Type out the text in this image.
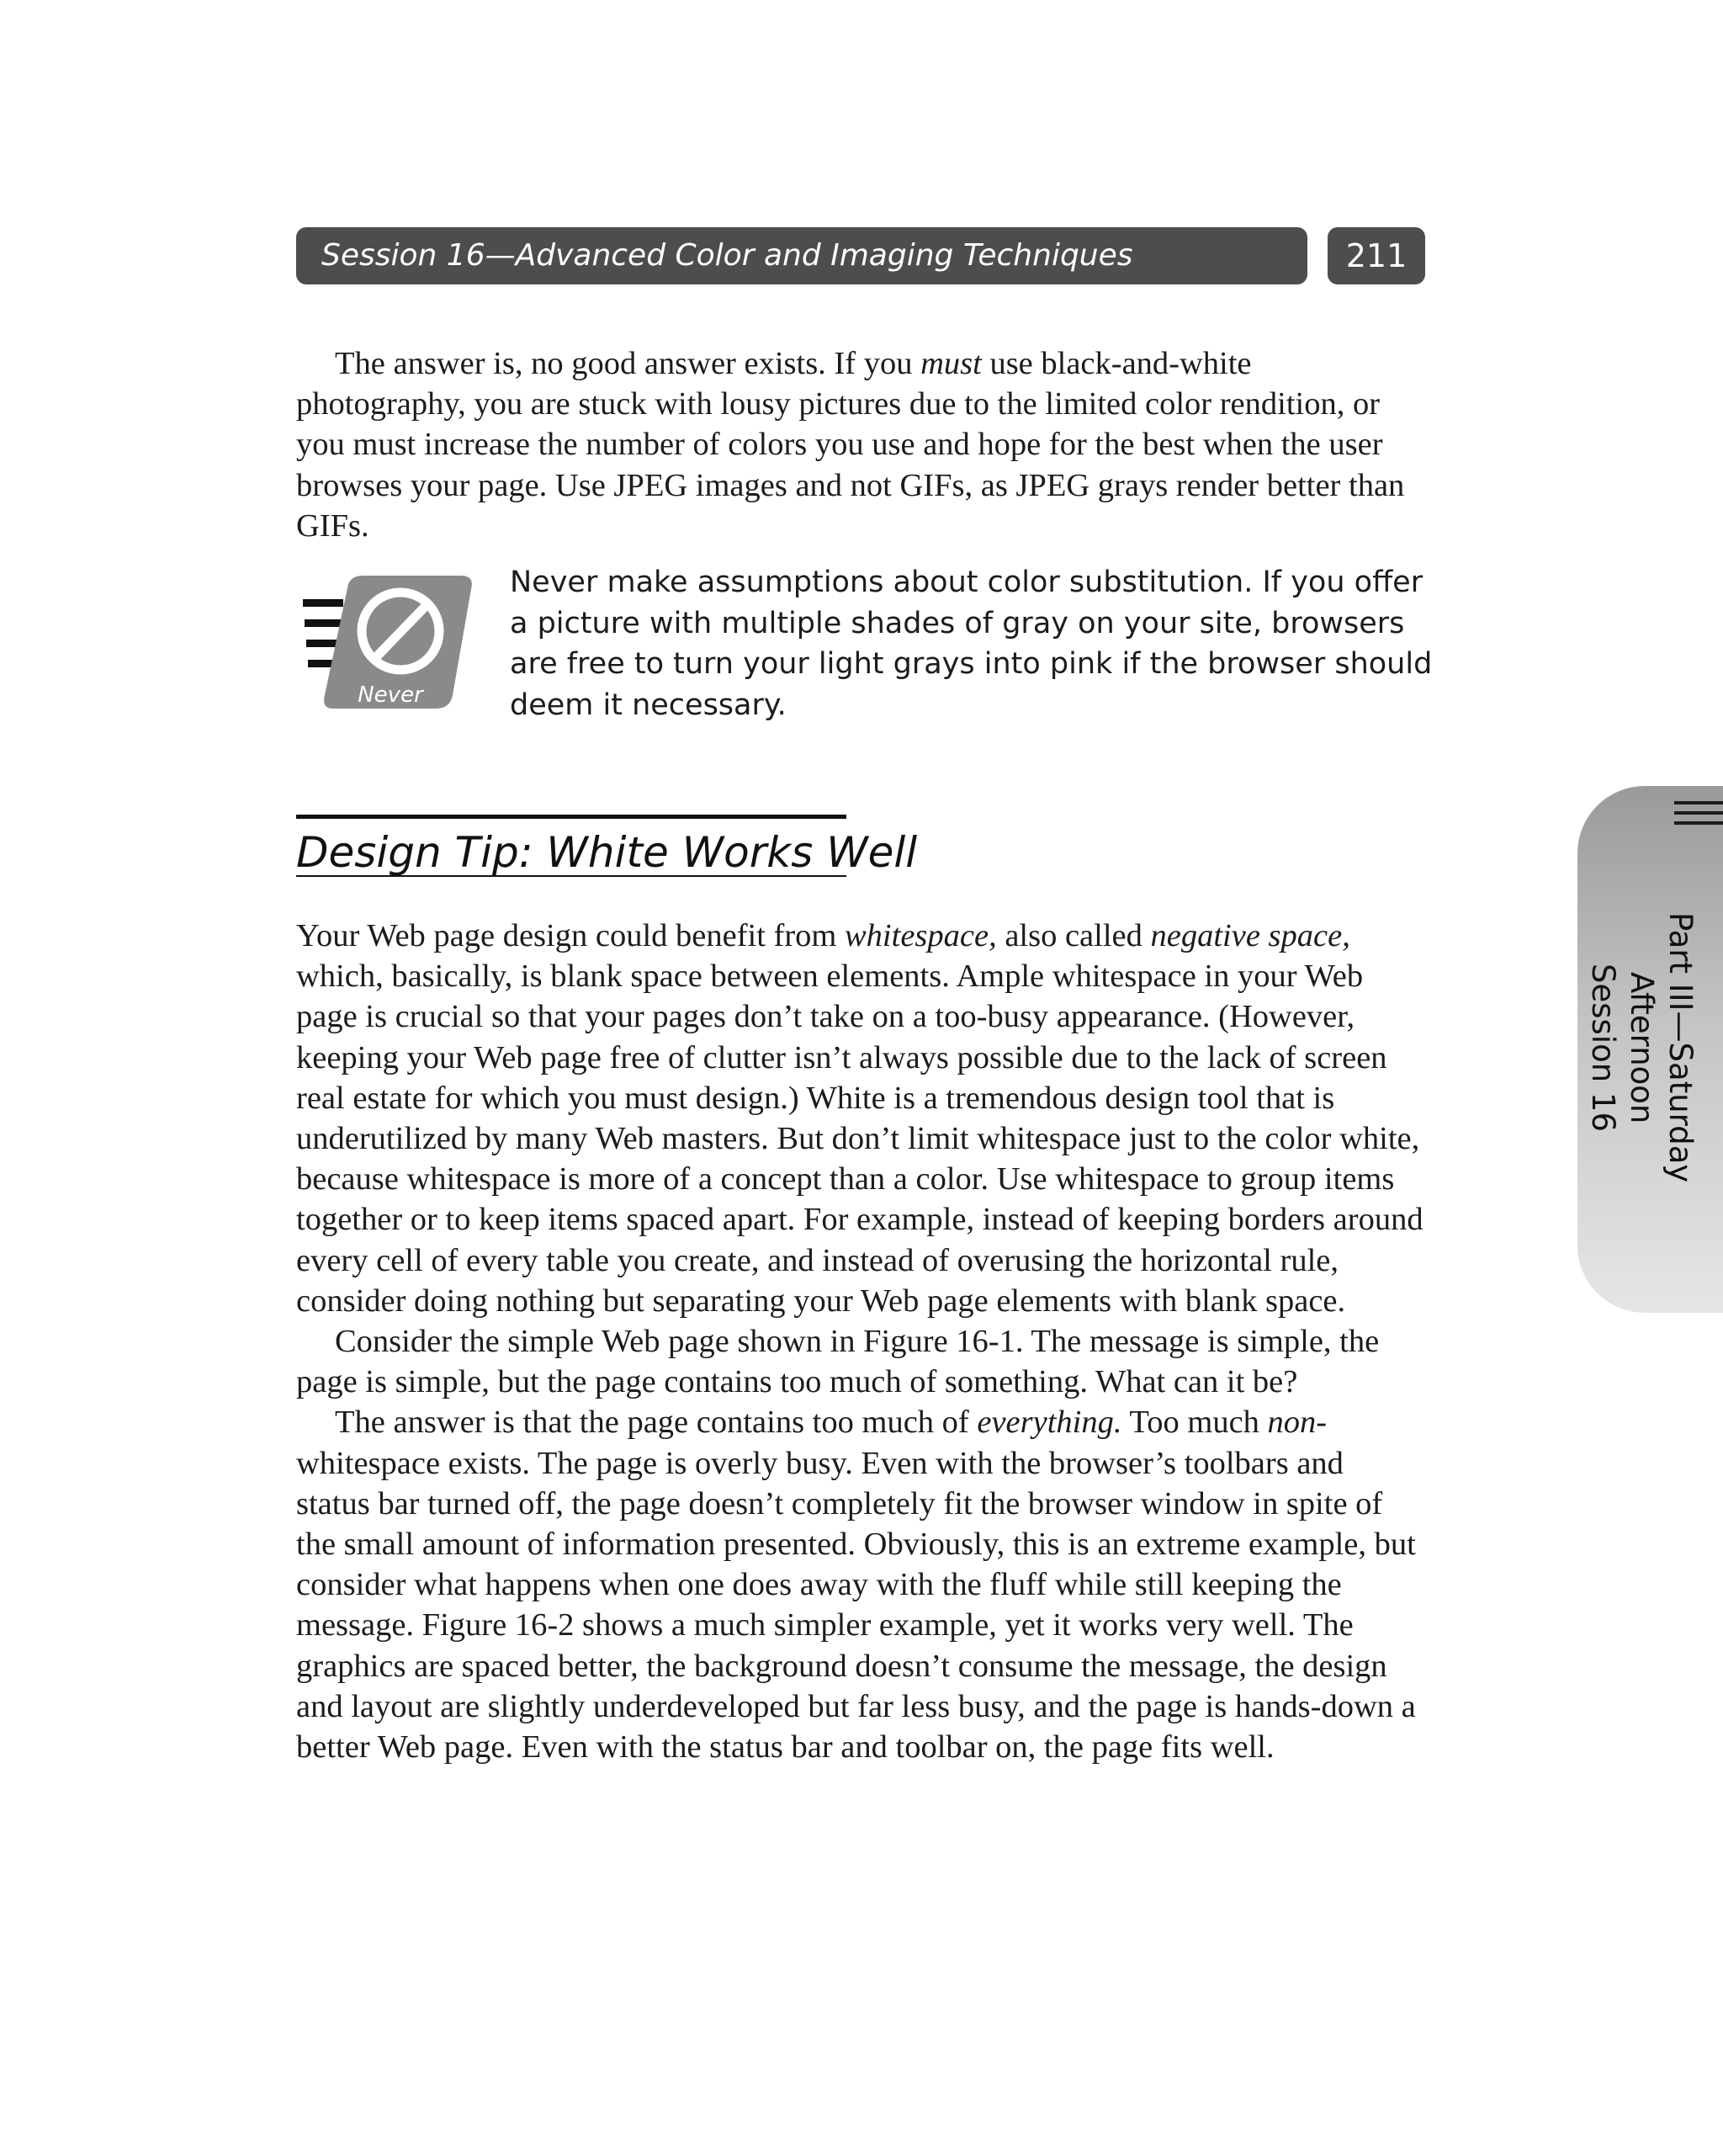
Session 16—Advanced Color and Imaging Techniques	211

The answer is, no good answer exists. If you must use black-and-white photography, you are stuck with lousy pictures due to the limited color rendition, or you must increase the number of colors you use and hope for the best when the user browses your page. Use JPEG images and not GIFs, as JPEG grays render better than GIFs.

Never

Never make assumptions about color substitution. If you offer a picture with multiple shades of gray on your site, browsers are free to turn your light grays into pink if the browser should deem it necessary.

Design Tip: White Works Well

Your Web page design could benefit from whitespace, also called negative space, which, basically, is blank space between elements. Ample whitespace in your Web page is crucial so that your pages don’t take on a too-busy appearance. (However, keeping your Web page free of clutter isn’t always possible due to the lack of screen real estate for which you must design.) White is a tremendous design tool that is underutilized by many Web masters. But don’t limit whitespace just to the color white, because whitespace is more of a concept than a color. Use whitespace to group items together or to keep items spaced apart. For example, instead of keeping borders around every cell of every table you create, and instead of overusing the horizontal rule, consider doing nothing but separating your Web page elements with blank space.

Consider the simple Web page shown in Figure 16-1. The message is simple, the page is simple, but the page contains too much of something. What can it be?

The answer is that the page contains too much of everything. Too much non-whitespace exists. The page is overly busy. Even with the browser’s toolbars and status bar turned off, the page doesn’t completely fit the browser window in spite of the small amount of information presented. Obviously, this is an extreme example, but consider what happens when one does away with the fluff while still keeping the message. Figure 16-2 shows a much simpler example, yet it works very well. The graphics are spaced better, the background doesn’t consume the message, the design and layout are slightly underdeveloped but far less busy, and the page is hands-down a better Web page. Even with the status bar and toolbar on, the page fits well.

Part III—Saturday Afternoon
Session 16
